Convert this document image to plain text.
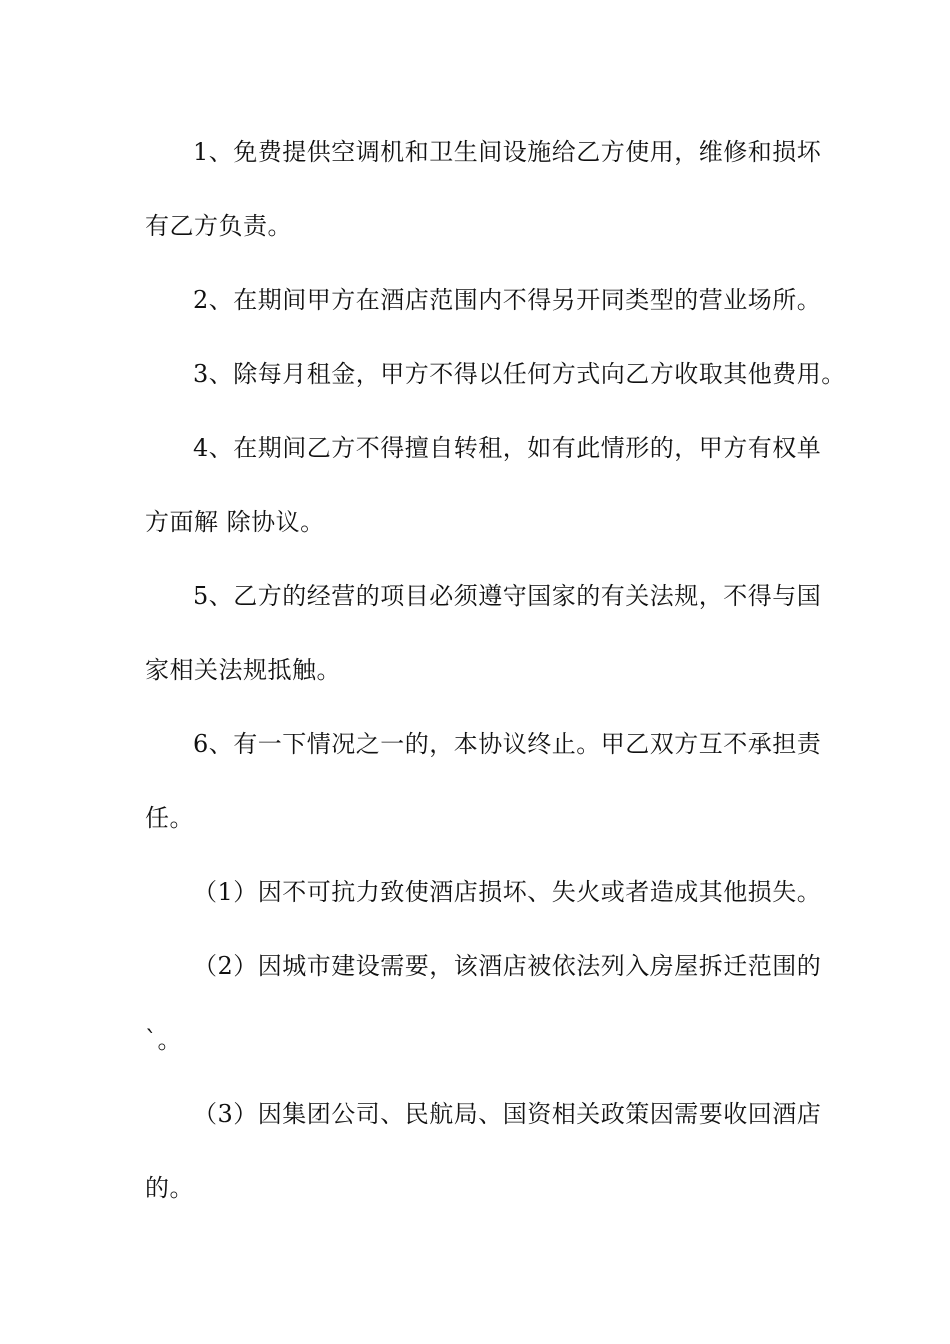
1、免费提供空调机和卫生间设施给乙方使用，维修和损坏
有乙方负责。
2、在期间甲方在酒店范围内不得另开同类型的营业场所。
3、除每月租金，甲方不得以任何方式向乙方收取其他费用。
4、在期间乙方不得擅自转租，如有此情形的，甲方有权单
方面解 除协议。
5、乙方的经营的项目必须遵守国家的有关法规，不得与国
家相关法规抵触。
6、有一下情况之一的，本协议终止。甲乙双方互不承担责
任。
（1）因不可抗力致使酒店损坏、失火或者造成其他损失。
（2）因城市建设需要，该酒店被依法列入房屋拆迁范围的
`。
（3）因集团公司、民航局、国资相关政策因需要收回酒店
的。
